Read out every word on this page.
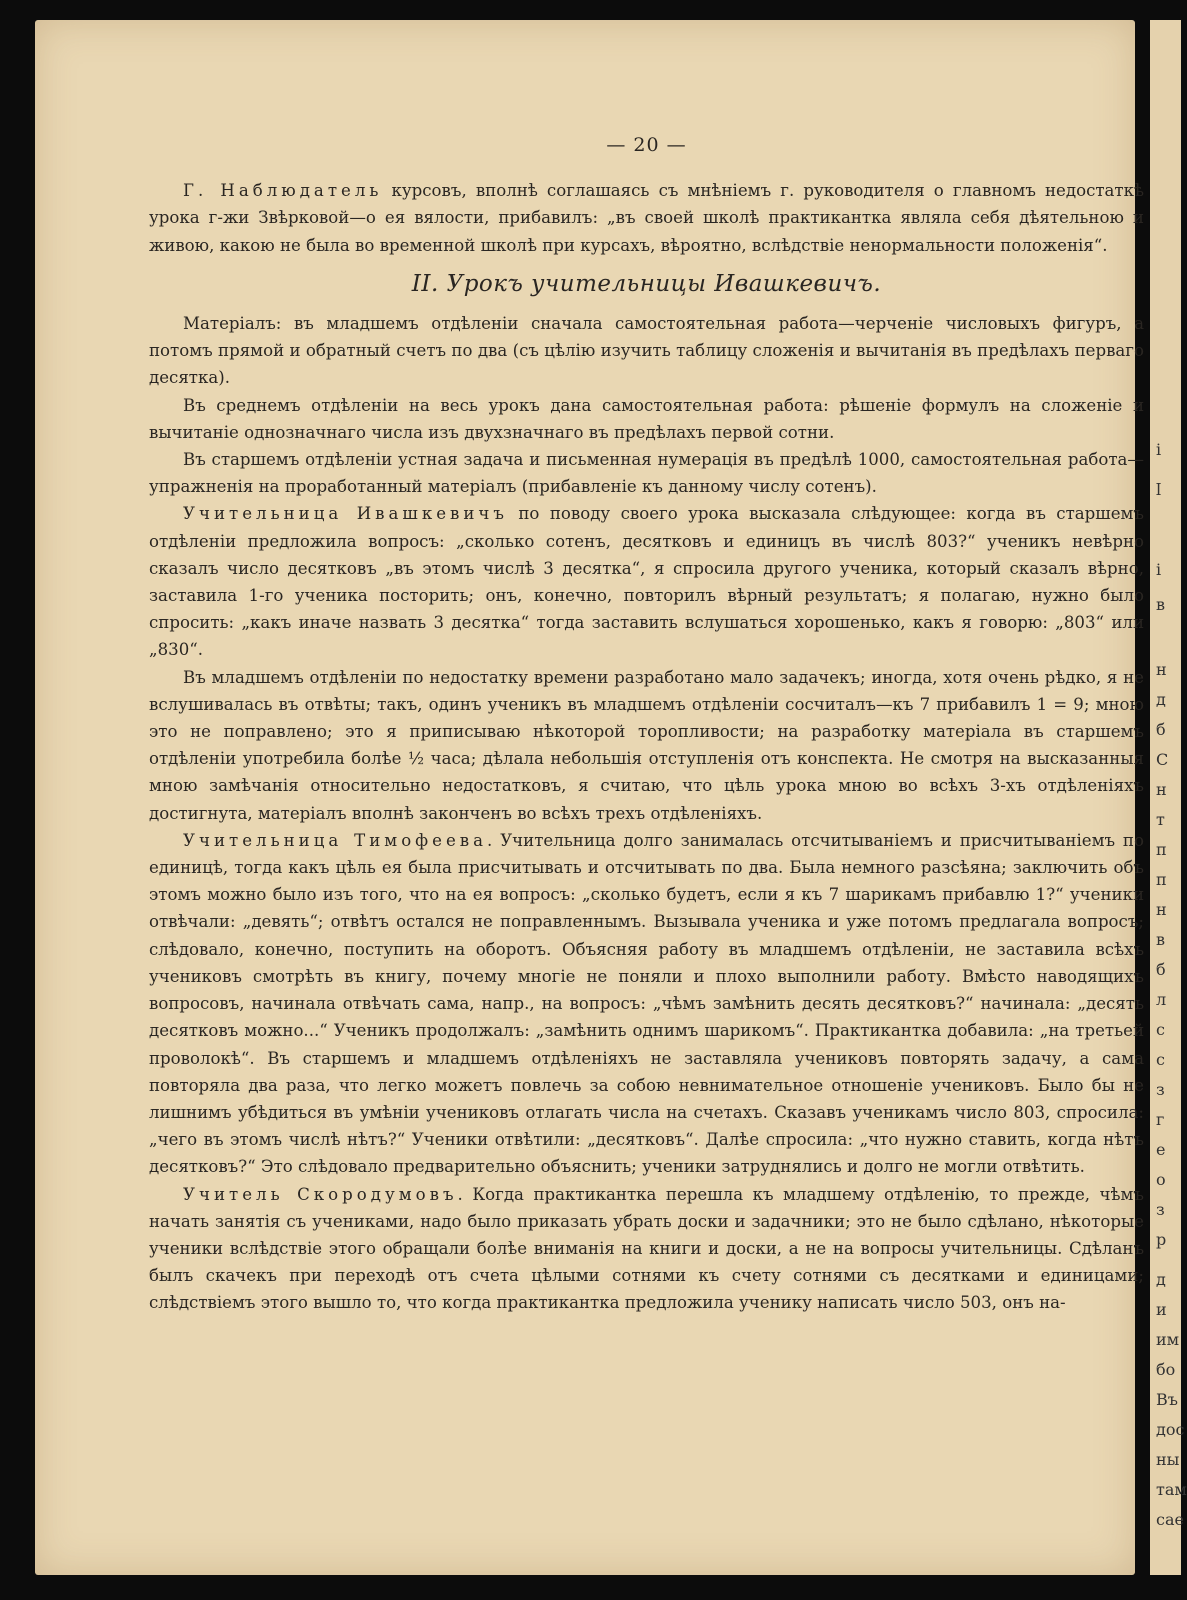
— 20 —

Г. Наблюдатель курсовъ, вполнѣ соглашаясь съ мнѣніемъ г. руководителя о главномъ недостаткѣ урока г-жи Звѣрковой—о ея вялости, прибавилъ: „въ своей школѣ практикантка являла себя дѣятельною и живою, какою не была во временной школѣ при курсахъ, вѣроятно, вслѣдствіе ненормальности положенія“.

II. Урокъ учительницы Ивашкевичъ.

Матеріалъ: въ младшемъ отдѣленіи сначала самостоятельная работа—черченіе числовыхъ фигуръ, а потомъ прямой и обратный счетъ по два (съ цѣлію изучить таблицу сложенія и вычитанія въ предѣлахъ перваго десятка).

Въ среднемъ отдѣленіи на весь урокъ дана самостоятельная работа: рѣшеніе формулъ на сложеніе и вычитаніе однозначнаго числа изъ двухзначнаго въ предѣлахъ первой сотни.

Въ старшемъ отдѣленіи устная задача и письменная нумерація въ предѣлѣ 1000, самостоятельная работа—упражненія на проработанный матеріалъ (прибавленіе къ данному числу сотенъ).

Учительница Ивашкевичъ по поводу своего урока высказала слѣдующее: когда въ старшемъ отдѣленіи предложила вопросъ: „сколько сотенъ, десятковъ и единицъ въ числѣ 803?“ ученикъ невѣрно сказалъ число десятковъ „въ этомъ числѣ 3 десятка“, я спросила другого ученика, который сказалъ вѣрно, заставила 1-го ученика посторить; онъ, конечно, повторилъ вѣрный результатъ; я полагаю, нужно было спросить: „какъ иначе назвать 3 десятка“ тогда заставить вслушаться хорошенько, какъ я говорю: „803“ или „830“.

Въ младшемъ отдѣленіи по недостатку времени разработано мало задачекъ; иногда, хотя очень рѣдко, я не вслушивалась въ отвѣты; такъ, одинъ ученикъ въ младшемъ отдѣленіи сосчиталъ—къ 7 прибавилъ 1 = 9; мною это не поправлено; это я приписываю нѣкоторой торопливости; на разработку матеріала въ старшемъ отдѣленіи употребила болѣе ½ часа; дѣлала небольшія отступленія отъ конспекта. Не смотря на высказанныя мною замѣчанія относительно недостатковъ, я считаю, что цѣль урока мною во всѣхъ 3-хъ отдѣленіяхъ достигнута, матеріалъ вполнѣ законченъ во всѣхъ трехъ отдѣленіяхъ.

Учительница Тимофеева. Учительница долго занималась отсчитываніемъ и присчитываніемъ по единицѣ, тогда какъ цѣль ея была присчитывать и отсчитывать по два. Была немного разсѣяна; заключить объ этомъ можно было изъ того, что на ея вопросъ: „сколько будетъ, если я къ 7 шарикамъ прибавлю 1?“ ученики отвѣчали: „девять“; отвѣтъ остался не поправленнымъ. Вызывала ученика и уже потомъ предлагала вопросъ; слѣдовало, конечно, поступить на оборотъ. Объясняя работу въ младшемъ отдѣленіи, не заставила всѣхъ учениковъ смотрѣть въ книгу, почему многіе не поняли и плохо выполнили работу. Вмѣсто наводящихъ вопросовъ, начинала отвѣчать сама, напр., на вопросъ: „чѣмъ замѣнить десять десятковъ?“ начинала: „десять десятковъ можно...“ Ученикъ продолжалъ: „замѣнить однимъ шарикомъ“. Практикантка добавила: „на третьей проволокѣ“. Въ старшемъ и младшемъ отдѣленіяхъ не заставляла учениковъ повторять задачу, а сама повторяла два раза, что легко можетъ повлечь за собою невнимательное отношеніе учениковъ. Было бы не лишнимъ убѣдиться въ умѣніи учениковъ отлагать числа на счетахъ. Сказавъ ученикамъ число 803, спросила: „чего въ этомъ числѣ нѣтъ?“ Ученики отвѣтили: „десятковъ“. Далѣе спросила: „что нужно ставить, когда нѣтъ десятковъ?“ Это слѣдовало предварительно объяснить; ученики затруднялись и долго не могли отвѣтить.

Учитель Скородумовъ. Когда практикантка перешла къ младшему отдѣленію, то прежде, чѣмъ начать занятія съ учениками, надо было приказать убрать доски и задачники; это не было сдѣлано, нѣкоторые ученики вслѣдствіе этого обращали болѣе вниманія на книги и доски, а не на вопросы учительницы. Сдѣланъ былъ скачекъ при переходѣ отъ счета цѣлыми сотнями къ счету сотнями съ десятками и единицами; слѣдствіемъ этого вышло то, что когда практикантка предложила ученику написать число 503, онъ на-

i
ӏ
і
в
н
д
б
С
н
т
п
п
н
в
б
л
с
с
з
г
е
о
з
р
д
и
им
бо
Въ
дос
ны
там
сае
